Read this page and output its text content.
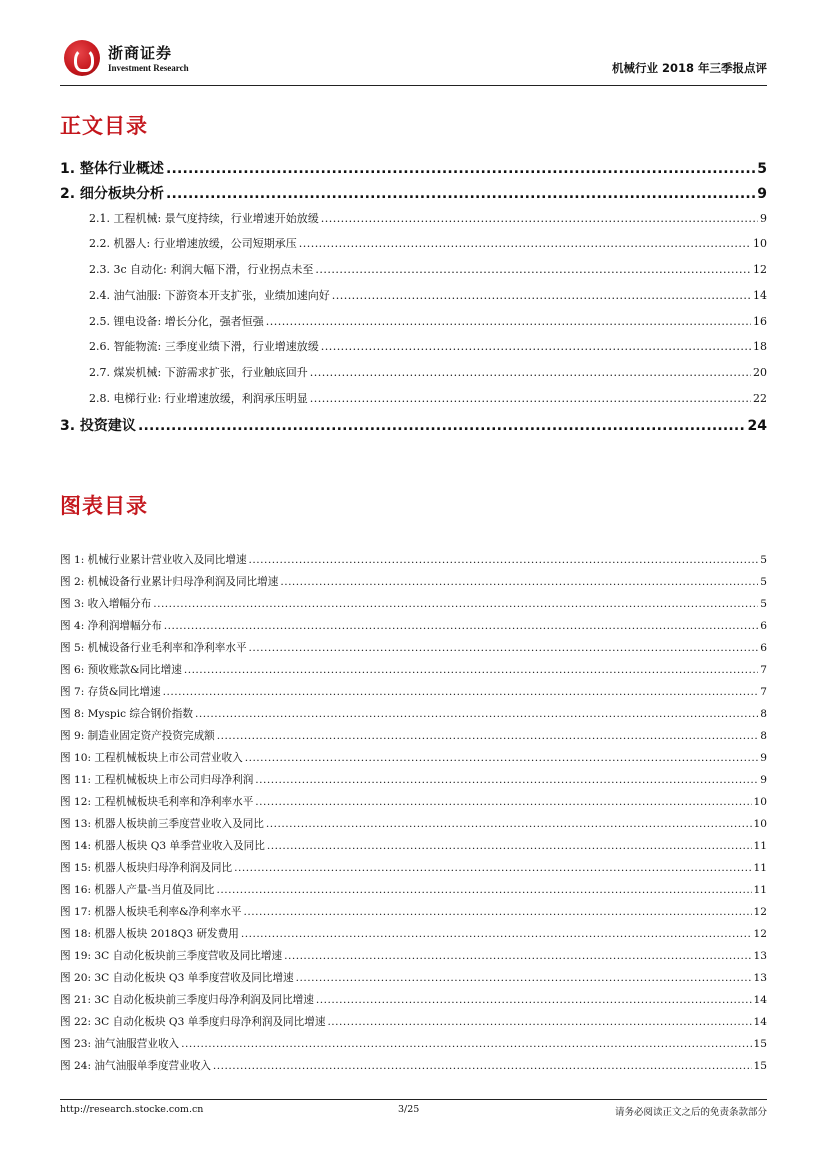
浙商证券
Investment Research	机械行业 2018 年三季报点评
正文目录
1. 整体行业概述 .....	5
2. 细分板块分析 .....	9
2.1. 工程机械: 景气度持续，行业增速开始放缓 .....	9
2.2. 机器人: 行业增速放缓，公司短期承压 .....	10
2.3. 3c 自动化: 利润大幅下滑，行业拐点未至 .....	12
2.4. 油气油服: 下游资本开支扩张，业绩加速向好 .....	14
2.5. 锂电设备: 增长分化，强者恒强 .....	16
2.6. 智能物流: 三季度业绩下滑，行业增速放缓 .....	18
2.7. 煤炭机械: 下游需求扩张，行业触底回升 .....	20
2.8. 电梯行业: 行业增速放缓，利润承压明显 .....	22
3. 投资建议 .....	24
图表目录
图 1: 机械行业累计营业收入及同比增速 .....	5
图 2: 机械设备行业累计归母净利润及同比增速 .....	5
图 3: 收入增幅分布 .....	5
图 4: 净利润增幅分布 .....	6
图 5: 机械设备行业毛利率和净利率水平 .....	6
图 6: 预收账款&同比增速 .....	7
图 7: 存货&同比增速 .....	7
图 8: Myspic 综合钢价指数 .....	8
图 9: 制造业固定资产投资完成额 .....	8
图 10: 工程机械板块上市公司营业收入 .....	9
图 11: 工程机械板块上市公司归母净利润 .....	9
图 12: 工程机械板块毛利率和净利率水平 .....	10
图 13: 机器人板块前三季度营业收入及同比 .....	10
图 14: 机器人板块 Q3 单季营业收入及同比 .....	11
图 15: 机器人板块归母净利润及同比 .....	11
图 16: 机器人产量-当月值及同比 .....	11
图 17: 机器人板块毛利率&净利率水平 .....	12
图 18: 机器人板块 2018Q3 研发费用 .....	12
图 19: 3C 自动化板块前三季度营收及同比增速 .....	13
图 20: 3C 自动化板块 Q3 单季度营收及同比增速 .....	13
图 21: 3C 自动化板块前三季度归母净利润及同比增速 .....	14
图 22: 3C 自动化板块 Q3 单季度归母净利润及同比增速 .....	14
图 23: 油气油服营业收入 .....	15
图 24: 油气油服单季度营业收入 .....	15
http://research.stocke.com.cn	3/25	请务必阅读正文之后的免责条款部分
